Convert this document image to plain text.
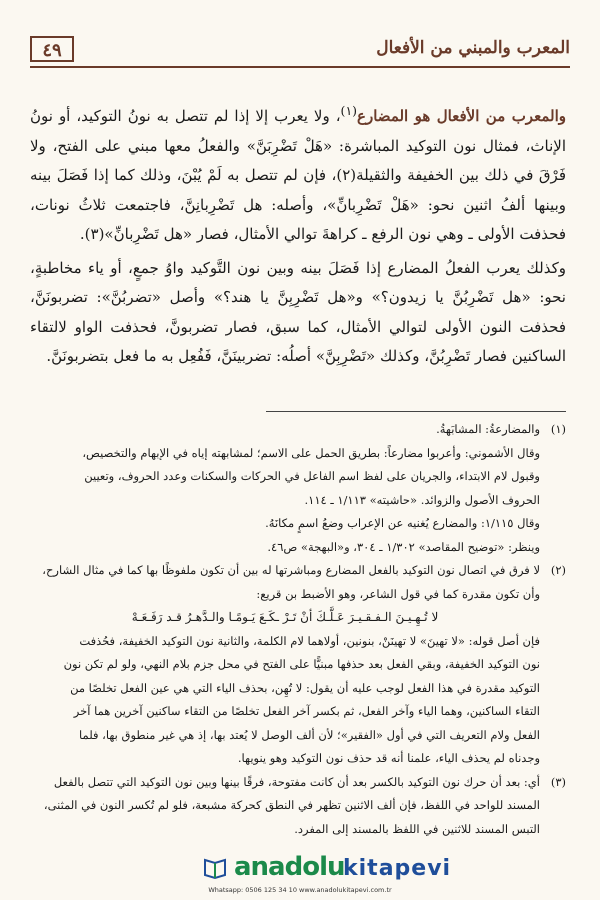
٤٩	المعرب والمبني من الأفعال

والمعرب من الأفعال هو المضارع$^{(١)}$، ولا يعرب إلا إذا لم تتصل به نونُ التوكيد، أو نونُ الإناث، فمثال نون التوكيد المباشرة: «هَلْ تَضْرِبَنَّ» والفعلُ معها مبني على الفتح، ولا فَرْقَ في ذلك بين الخفيفة والثقيلة(٢)، فإن لم تتصل به لَمْ يُبْنَ، وذلك كما إذا فَصَلَ بينه وبينها ألفُ اثنين نحو: «هَلْ تَضْرِبانِّ»، وأصله: هل تَضْرِبانِنَّ، فاجتمعت ثلاثُ نونات، فحذفت الأولى ـ وهي نون الرفع ـ كراهةَ توالي الأمثال، فصار «هل تَضْرِبانِّ»(٣).

وكذلك يعرب الفعلُ المضارع إذا فَصَلَ بينه وبين نون التَّوكيد واوُ جمعٍ، أو ياء مخاطبةٍ، نحو: «هل تَضْرِبُنَّ يا زيدون؟» و«هل تَضْرِبِنَّ يا هند؟» وأصل «تضربُنَّ»: تضربونَنَّ، فحذفت النون الأولى لتوالي الأمثال، كما سبق، فصار تضربونَّ، فحذفت الواو لالتقاء الساكنين فصار تَضْرِبُنَّ، وكذلك «تَضْرِبِنَّ» أصلُه: تضربينَنَّ، فَفُعِل به ما فعل بتضربونَنَّ.

(١)

والمضارعةُ: المشابَهةُ.

وقال الأشموني: وأعربوا مضارعاً: بطريق الحمل على الاسم؛ لمشابهته إياه في الإبهام والتخصيص،

وقبول لام الابتداء، والجريان على لفظ اسم الفاعل في الحركات والسكنات وعدد الحروف، وتعيين

الحروف الأصول والزوائد. «حاشيته» ١/١١٣ ـ ١١٤.

وقال ١/١١٥: والمضارع يُغنيه عن الإعراب وضعُ اسمٍ مكانَهُ.

وينظر: «توضيح المقاصد» ١/٣٠٢ ـ ٣٠٤، و«البهجة» ص٤٦.

(٢)

لا فرق في اتصال نون التوكيد بالفعل المضارع ومباشرتها له بين أن تكون ملفوظًا بها كما في مثال الشارح،

وأن تكون مقدرة كما في قول الشاعر، وهو الأضبط بن قريع:

لا تُـهِـيـنَ الـفـقـيـرَ عَـلَّـكَ أنْ تَـرْ ـكَـعَ يَـومًـا والـدَّهـرُ قـد رَفَـعَـهْ

فإن أصل قوله: «لا تهينَ» لا تهينَنْ، بنونين، أولاهما لام الكلمة، والثانية نون التوكيد الخفيفة، فحُذفت

نون التوكيد الخفيفة، وبقي الفعل بعد حذفها مبنيًّا على الفتح في محل جزم بلام النهي، ولو لم تكن نون

التوكيد مقدرة في هذا الفعل لوجب عليه أن يقول: لا تُهِن، بحذف الياء التي هي عين الفعل تخلصًا من

التقاء الساكنين، وهما الياء وآخر الفعل، ثم بكسر آخر الفعل تخلصًا من التقاء ساكنين آخرين هما آخر

الفعل ولام التعريف التي في أول «الفقير»؛ لأن ألف الوصل لا يُعتد بها، إذ هي غير منطوق بها، فلما

وجدناه لم يحذف الياء، علمنا أنه قد حذف نون التوكيد وهو ينويها.

(٣)

أي: بعد أن حرك نون التوكيد بالكسر بعد أن كانت مفتوحة، فرقًا بينها وبين نون التوكيد التي تتصل بالفعل

المسند للواحد في اللفظ، فإن ألف الاثنين تظهر في النطق كحركة مشبعة، فلو لم تُكسر النون في المثنى،

التبس المسند للاثنين في اللفظ بالمسند إلى المفرد.

anadolu
kitapevi
Whatsapp: 0506 125 34 10 www.anadolukitapevi.com.tr
